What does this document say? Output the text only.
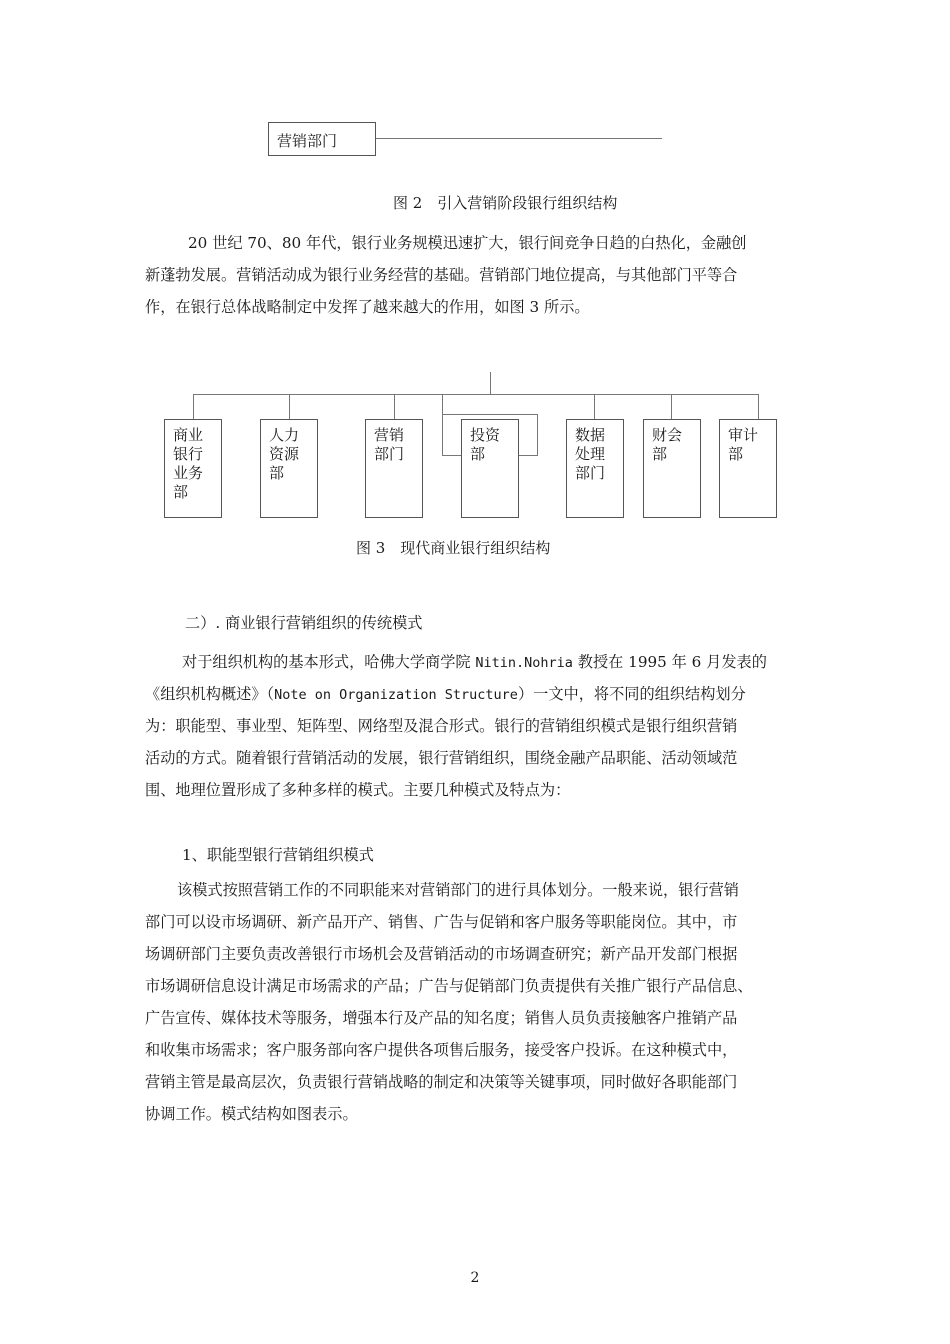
营销部门
图 2　引入营销阶段银行组织结构
20 世纪 70、80 年代，银行业务规模迅速扩大，银行间竞争日趋的白热化，金融创
新蓬勃发展。营销活动成为银行业务经营的基础。营销部门地位提高，与其他部门平等合
作，在银行总体战略制定中发挥了越来越大的作用，如图 3 所示。
商业银行业务部
人力资源部
营销部门
投资部
数据处理部门
财会部
审计部
图 3　现代商业银行组织结构
二）. 商业银行营销组织的传统模式
对于组织机构的基本形式，哈佛大学商学院 Nitin.Nohria 教授在 1995 年 6 月发表的
《组织机构概述》（Note on Organization Structure）一文中，将不同的组织结构划分
为：职能型、事业型、矩阵型、网络型及混合形式。银行的营销组织模式是银行组织营销
活动的方式。随着银行营销活动的发展，银行营销组织，围绕金融产品职能、活动领域范
围、地理位置形成了多种多样的模式。主要几种模式及特点为：
1、职能型银行营销组织模式
该模式按照营销工作的不同职能来对营销部门的进行具体划分。一般来说，银行营销
部门可以设市场调研、新产品开产、销售、广告与促销和客户服务等职能岗位。其中，市
场调研部门主要负责改善银行市场机会及营销活动的市场调查研究；新产品开发部门根据
市场调研信息设计满足市场需求的产品；广告与促销部门负责提供有关推广银行产品信息、
广告宣传、媒体技术等服务，增强本行及产品的知名度；销售人员负责接触客户推销产品
和收集市场需求；客户服务部向客户提供各项售后服务，接受客户投诉。在这种模式中，
营销主管是最高层次，负责银行营销战略的制定和决策等关键事项，同时做好各职能部门
协调工作。模式结构如图表示。
2
